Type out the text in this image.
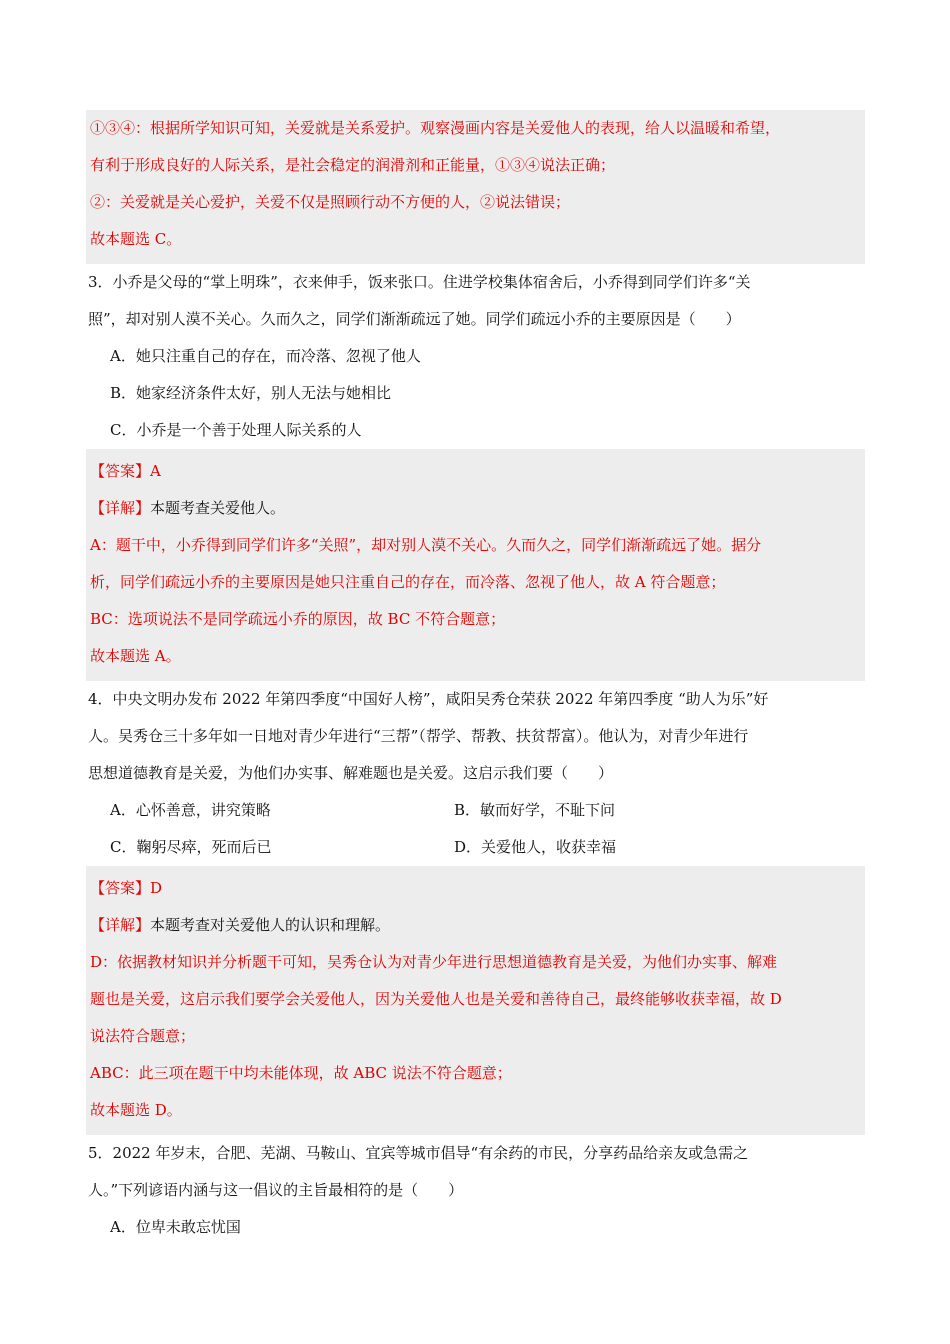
①③④：根据所学知识可知，关爱就是关系爱护。观察漫画内容是关爱他人的表现，给人以温暖和希望，
有利于形成良好的人际关系，是社会稳定的润滑剂和正能量，①③④说法正确；
②：关爱就是关心爱护，关爱不仅是照顾行动不方便的人，②说法错误；
故本题选 C。
3．小乔是父母的“掌上明珠”，衣来伸手，饭来张口。住进学校集体宿舍后，小乔得到同学们许多“关
照”，却对别人漠不关心。久而久之，同学们渐渐疏远了她。同学们疏远小乔的主要原因是（　　）
A．她只注重自己的存在，而冷落、忽视了他人
B．她家经济条件太好，别人无法与她相比
C．小乔是一个善于处理人际关系的人
【答案】A
【详解】本题考查关爱他人。
A：题干中，小乔得到同学们许多“关照”，却对别人漠不关心。久而久之，同学们渐渐疏远了她。据分
析，同学们疏远小乔的主要原因是她只注重自己的存在，而冷落、忽视了他人，故 A 符合题意；
BC：选项说法不是同学疏远小乔的原因，故 BC 不符合题意；
故本题选 A。
4．中央文明办发布 2022 年第四季度“中国好人榜”，咸阳吴秀仓荣获 2022 年第四季度 “助人为乐”好
人。吴秀仓三十多年如一日地对青少年进行“三帮”（帮学、帮教、扶贫帮富）。他认为，对青少年进行
思想道德教育是关爱，为他们办实事、解难题也是关爱。这启示我们要（　　）
A．心怀善意，讲究策略	B．敏而好学，不耻下问
C．鞠躬尽瘁，死而后已	D．关爱他人，收获幸福
【答案】D
【详解】本题考查对关爱他人的认识和理解。
D：依据教材知识并分析题干可知，吴秀仓认为对青少年进行思想道德教育是关爱，为他们办实事、解难
题也是关爱，这启示我们要学会关爱他人，因为关爱他人也是关爱和善待自己，最终能够收获幸福，故 D
说法符合题意；
ABC：此三项在题干中均未能体现，故 ABC 说法不符合题意；
故本题选 D。
5．2022 年岁末，合肥、芜湖、马鞍山、宜宾等城市倡导“有余药的市民，分享药品给亲友或急需之
人。”下列谚语内涵与这一倡议的主旨最相符的是（　　）
A．位卑未敢忘忧国
